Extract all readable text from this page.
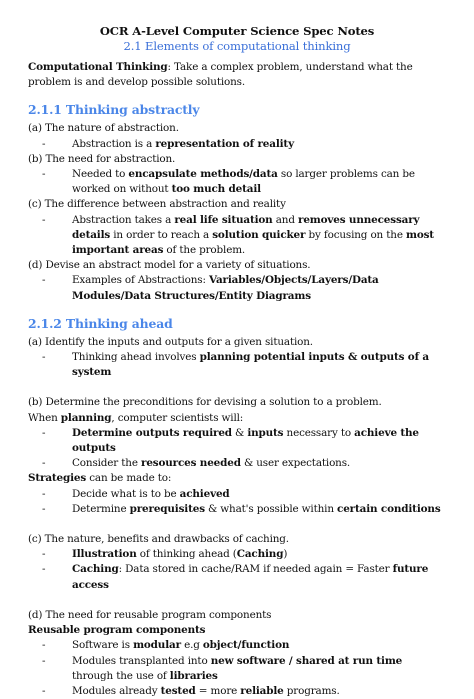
OCR A-Level Computer Science Spec Notes

2.1 Elements of computational thinking

Computational Thinking: Take a complex problem, understand what the problem is and develop possible solutions.

2.1.1 Thinking abstractly

(a) The nature of abstraction.

-	Abstraction is a representation of reality

(b) The need for abstraction.

-	Needed to encapsulate methods/data so larger problems can be worked on without too much detail

(c) The difference between abstraction and reality

-	Abstraction takes a real life situation and removes unnecessary details in order to reach a solution quicker by focusing on the most important areas of the problem.

(d) Devise an abstract model for a variety of situations.

-	Examples of Abstractions: Variables/Objects/Layers/Data Modules/Data Structures/Entity Diagrams

2.1.2 Thinking ahead

(a) Identify the inputs and outputs for a given situation.

-	Thinking ahead involves planning potential inputs & outputs of a system

(b) Determine the preconditions for devising a solution to a problem.

When planning, computer scientists will:

-	Determine outputs required & inputs necessary to achieve the outputs

-	Consider the resources needed & user expectations.

Strategies can be made to:

-	Decide what is to be achieved

-	Determine prerequisites & what's possible within certain conditions

(c) The nature, benefits and drawbacks of caching.

-	Illustration of thinking ahead (Caching)

-	Caching: Data stored in cache/RAM if needed again = Faster future access

(d) The need for reusable program components

Reusable program components

-	Software is modular e.g object/function

-	Modules transplanted into new software / shared at run time through the use of libraries

-	Modules already tested = more reliable programs.
